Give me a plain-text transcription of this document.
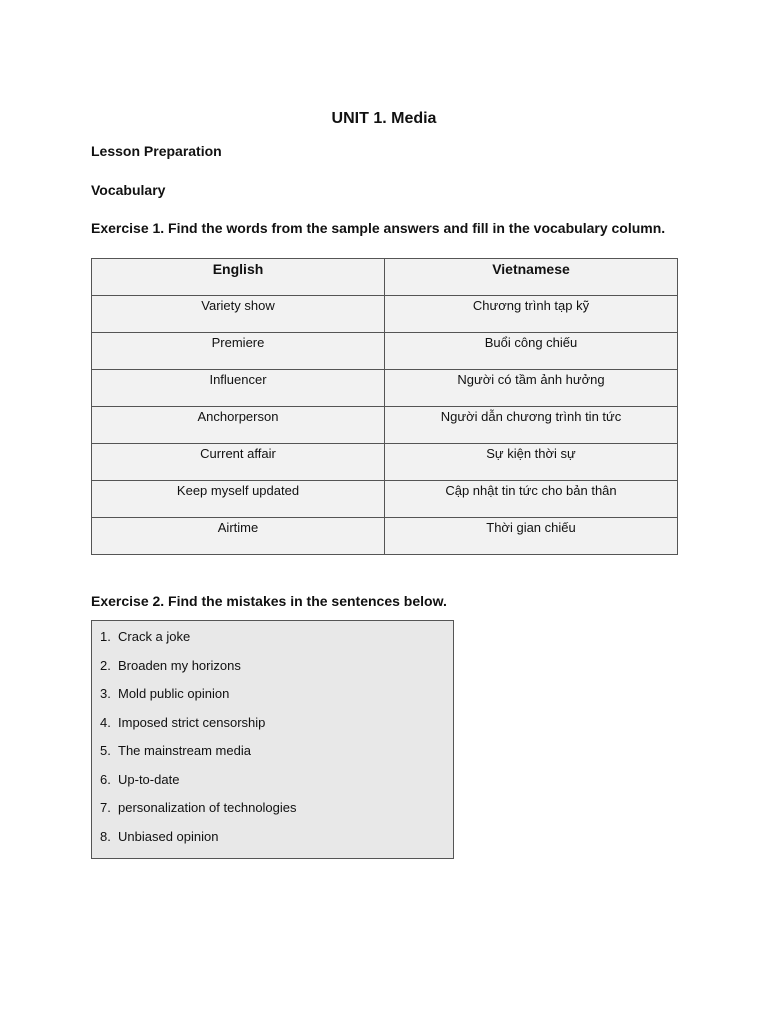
UNIT 1. Media
Lesson Preparation
Vocabulary
Exercise 1. Find the words from the sample answers and fill in the vocabulary column.
English	Vietnamese
Variety show	Chương trình tạp kỹ
Premiere	Buổi công chiếu
Influencer	Người có tầm ảnh hưởng
Anchorperson	Người dẫn chương trình tin tức
Current affair	Sự kiện thời sự
Keep myself updated	Cập nhật tin tức cho bản thân
Airtime	Thời gian chiếu
Exercise 2. Find the mistakes in the sentences below.
1. Crack a joke
2. Broaden my horizons
3. Mold public opinion
4. Imposed strict censorship
5. The mainstream media
6. Up-to-date
7. personalization of technologies
8. Unbiased opinion
